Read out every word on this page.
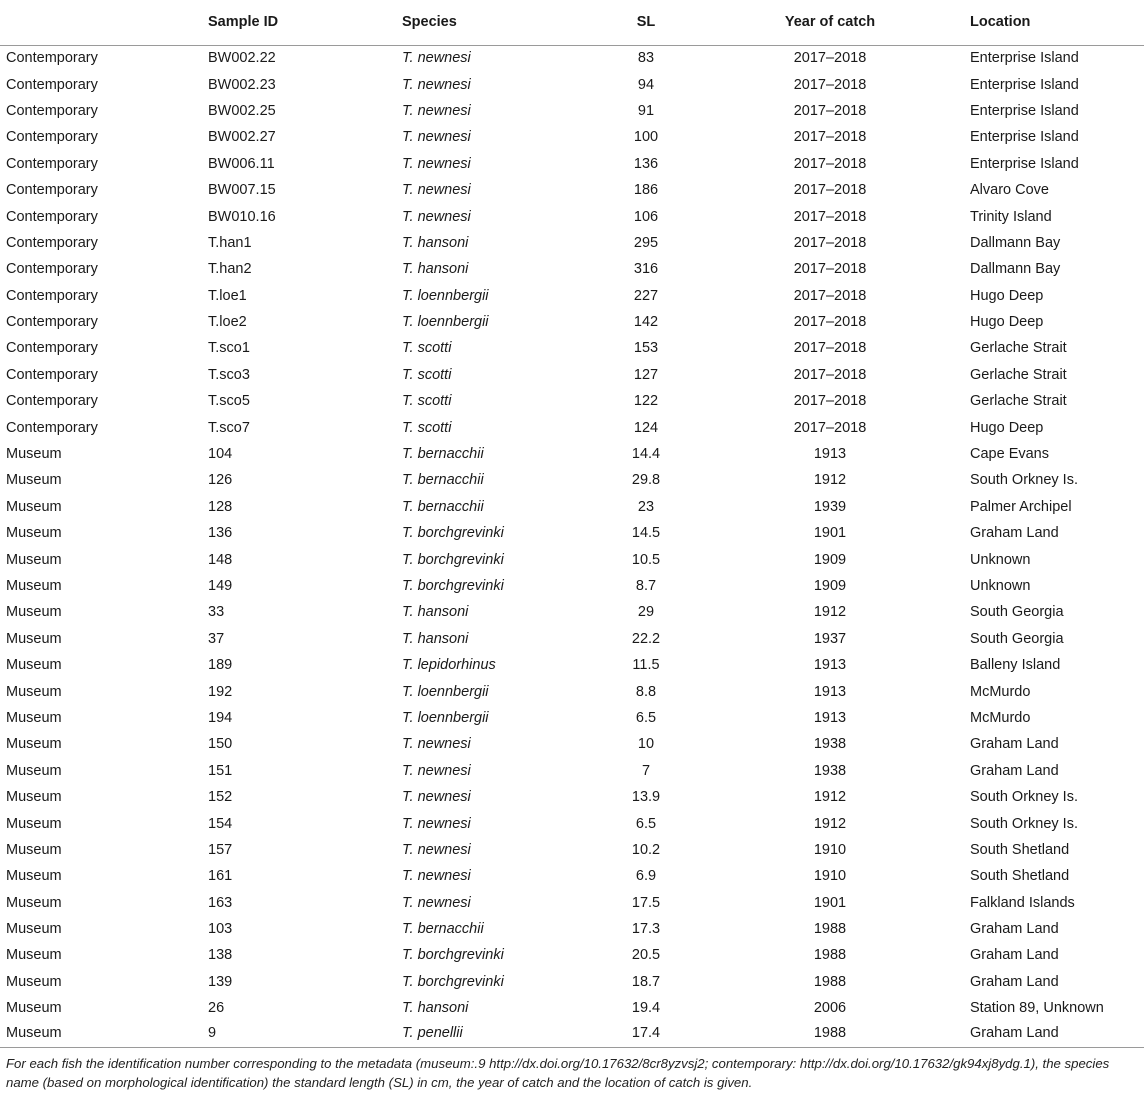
	Sample ID	Species	SL	Year of catch	Location
Contemporary	BW002.22	T. newnesi	83	2017–2018	Enterprise Island
Contemporary	BW002.23	T. newnesi	94	2017–2018	Enterprise Island
Contemporary	BW002.25	T. newnesi	91	2017–2018	Enterprise Island
Contemporary	BW002.27	T. newnesi	100	2017–2018	Enterprise Island
Contemporary	BW006.11	T. newnesi	136	2017–2018	Enterprise Island
Contemporary	BW007.15	T. newnesi	186	2017–2018	Alvaro Cove
Contemporary	BW010.16	T. newnesi	106	2017–2018	Trinity Island
Contemporary	T.han1	T. hansoni	295	2017–2018	Dallmann Bay
Contemporary	T.han2	T. hansoni	316	2017–2018	Dallmann Bay
Contemporary	T.loe1	T. loennbergii	227	2017–2018	Hugo Deep
Contemporary	T.loe2	T. loennbergii	142	2017–2018	Hugo Deep
Contemporary	T.sco1	T. scotti	153	2017–2018	Gerlache Strait
Contemporary	T.sco3	T. scotti	127	2017–2018	Gerlache Strait
Contemporary	T.sco5	T. scotti	122	2017–2018	Gerlache Strait
Contemporary	T.sco7	T. scotti	124	2017–2018	Hugo Deep
Museum	104	T. bernacchii	14.4	1913	Cape Evans
Museum	126	T. bernacchii	29.8	1912	South Orkney Is.
Museum	128	T. bernacchii	23	1939	Palmer Archipel
Museum	136	T. borchgrevinki	14.5	1901	Graham Land
Museum	148	T. borchgrevinki	10.5	1909	Unknown
Museum	149	T. borchgrevinki	8.7	1909	Unknown
Museum	33	T. hansoni	29	1912	South Georgia
Museum	37	T. hansoni	22.2	1937	South Georgia
Museum	189	T. lepidorhinus	11.5	1913	Balleny Island
Museum	192	T. loennbergii	8.8	1913	McMurdo
Museum	194	T. loennbergii	6.5	1913	McMurdo
Museum	150	T. newnesi	10	1938	Graham Land
Museum	151	T. newnesi	7	1938	Graham Land
Museum	152	T. newnesi	13.9	1912	South Orkney Is.
Museum	154	T. newnesi	6.5	1912	South Orkney Is.
Museum	157	T. newnesi	10.2	1910	South Shetland
Museum	161	T. newnesi	6.9	1910	South Shetland
Museum	163	T. newnesi	17.5	1901	Falkland Islands
Museum	103	T. bernacchii	17.3	1988	Graham Land
Museum	138	T. borchgrevinki	20.5	1988	Graham Land
Museum	139	T. borchgrevinki	18.7	1988	Graham Land
Museum	26	T. hansoni	19.4	2006	Station 89, Unknown
Museum	9	T. penellii	17.4	1988	Graham Land
For each fish the identification number corresponding to the metadata (museum:.9 http://dx.doi.org/10.17632/8cr8yzvsj2; contemporary: http://dx.doi.org/10.17632/gk94xj8ydg.1), the species name (based on morphological identification) the standard length (SL) in cm, the year of catch and the location of catch is given.					
